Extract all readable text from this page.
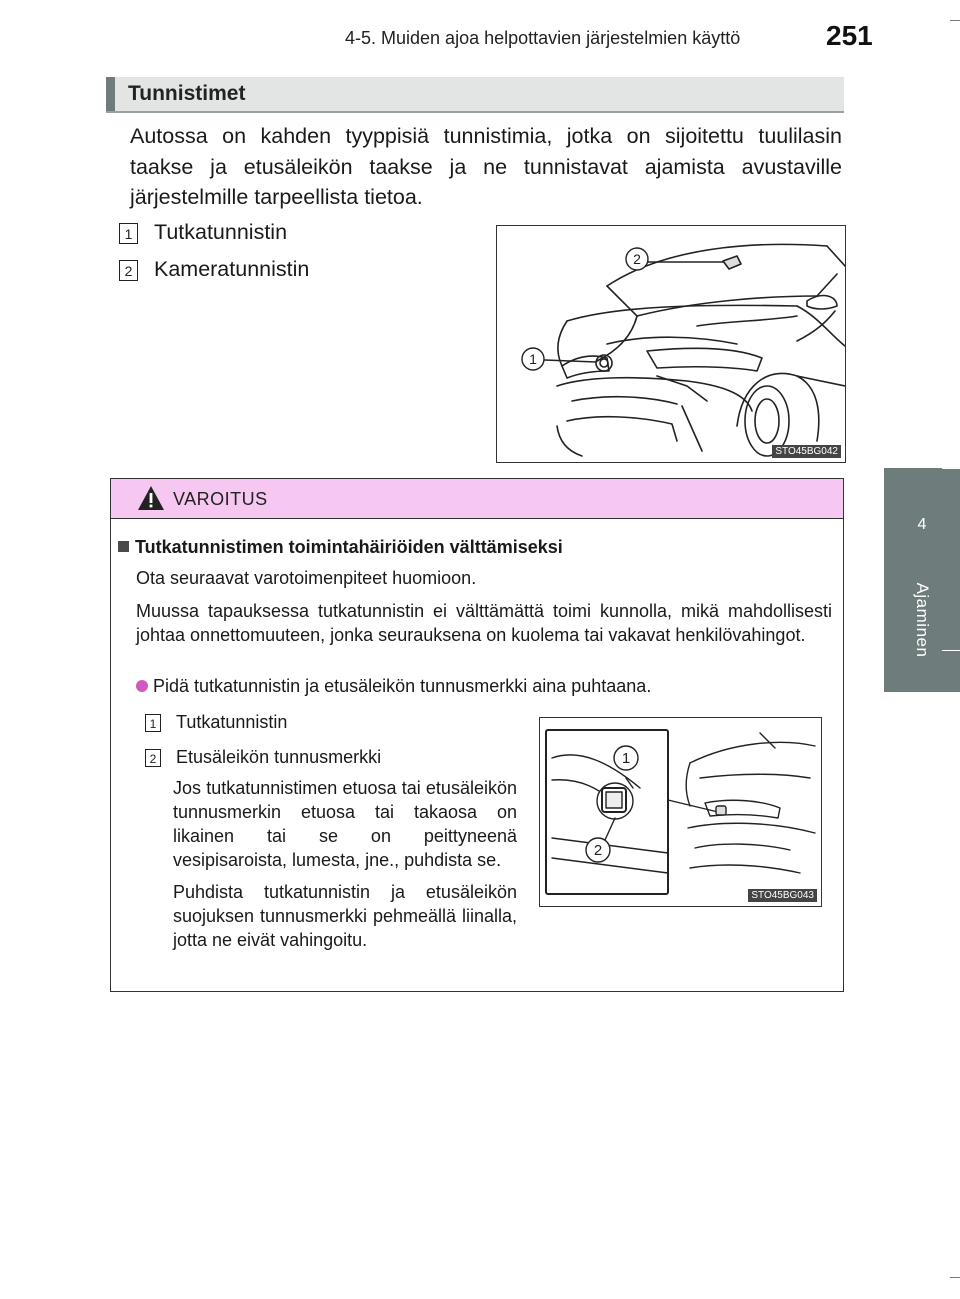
4-5. Muiden ajoa helpottavien järjestelmien käyttö	251
4
Ajaminen
Tunnistimet
Autossa on kahden tyyppisiä tunnistimia, jotka on sijoitettu tuulilasin taakse ja etusäleikön taakse ja ne tunnistavat ajamista avustaville järjestelmille tarpeellista tietoa.
1 Tutkatunnistin
2 Kameratunnistin	2
1
STO45BG042
VAROITUS
Tutkatunnistimen toimintahäiriöiden välttämiseksi
Ota seuraavat varotoimenpiteet huomioon.
Muussa tapauksessa tutkatunnistin ei välttämättä toimi kunnolla, mikä mahdollisesti johtaa onnettomuuteen, jonka seurauksena on kuolema tai vakavat henkilövahingot.
Pidä tutkatunnistin ja etusäleikön tunnusmerkki aina puhtaana.
1 Tutkatunnistin
2 Etusäleikön tunnusmerkki
Jos tutkatunnistimen etuosa tai etusäleikön tunnusmerkin etuosa tai takaosa on likainen tai se on peittyneenä vesipisaroista, lumesta, jne., puhdista se.
Puhdista tutkatunnistin ja etusäleikön suojuksen tunnusmerkki pehmeällä liinalla, jotta ne eivät vahingoitu.
1
2
STO45BG043
